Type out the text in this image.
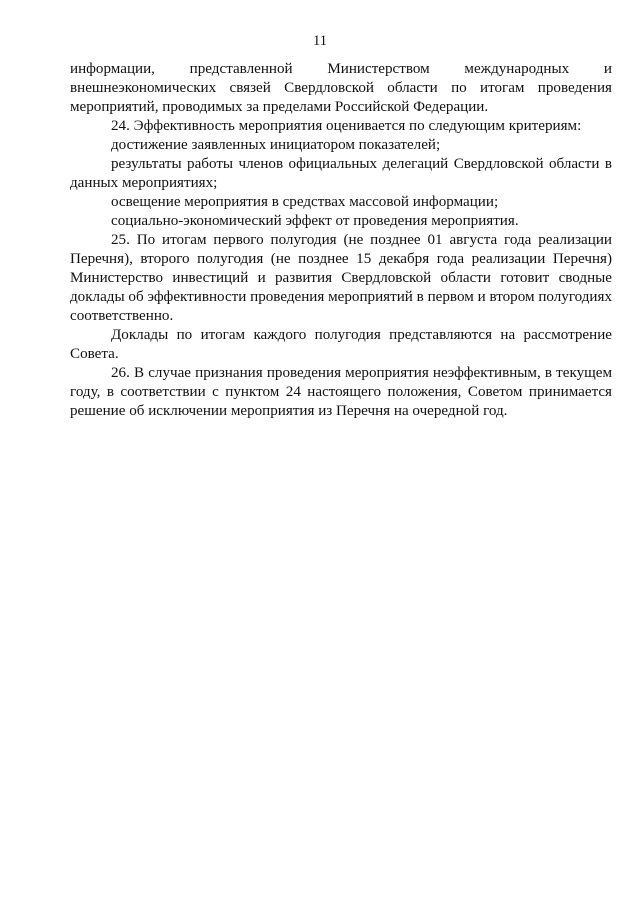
11

информации, представленной Министерством международных и внешнеэкономических связей Свердловской области по итогам проведения мероприятий, проводимых за пределами Российской Федерации.

24. Эффективность мероприятия оценивается по следующим критериям:

достижение заявленных инициатором показателей;

результаты работы членов официальных делегаций Свердловской области в данных мероприятиях;

освещение мероприятия в средствах массовой информации;

социально-экономический эффект от проведения мероприятия.

25. По итогам первого полугодия (не позднее 01 августа года реализации Перечня), второго полугодия (не позднее 15 декабря года реализации Перечня) Министерство инвестиций и развития Свердловской области готовит сводные доклады об эффективности проведения мероприятий в первом и втором полугодиях соответственно.

Доклады по итогам каждого полугодия представляются на рассмотрение Совета.

26. В случае признания проведения мероприятия неэффективным, в текущем году, в соответствии с пунктом 24 настоящего положения, Советом принимается решение об исключении мероприятия из Перечня на очередной год.
